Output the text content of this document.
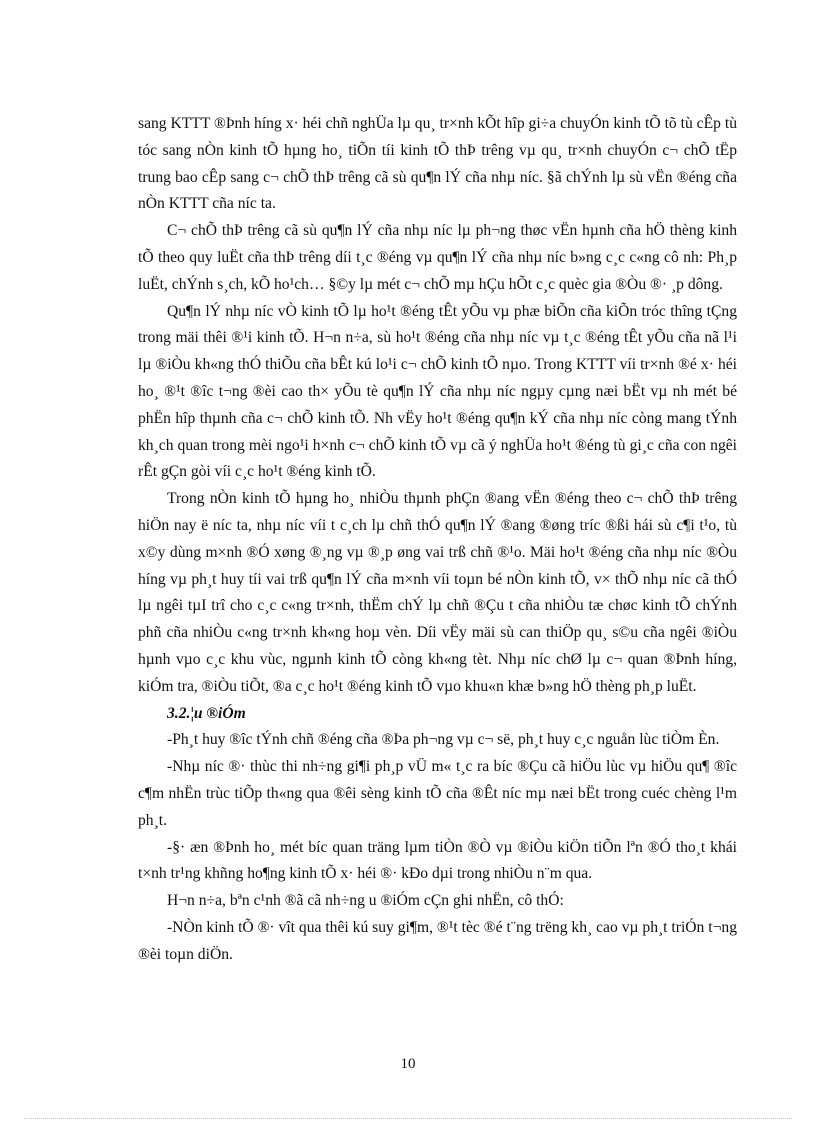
sang KTTT ®Þnh híng x· héi chñ nghÜa lµ qu¸ tr×nh kÕt hîp gi÷a chuyÓn kinh tÕ tõ tù cÊp tù tóc sang nÒn kinh tÕ hµng ho¸ tiÕn tíi kinh tÕ thÞ trêng vµ qu¸ tr×nh chuyÓn c¬ chÕ tËp trung bao cÊp sang c¬ chÕ thÞ trêng cã sù qu¶n lÝ cña nhµ níc. §ã chÝnh lµ sù vËn ®éng cña nÒn KTTT cña níc ta.

C¬ chÕ thÞ trêng cã sù qu¶n lÝ cña nhµ níc lµ ph¬ng thøc vËn hµnh cña hÖ thèng kinh tÕ theo quy luËt cña thÞ trêng díi t¸c ®éng vµ qu¶n lÝ cña nhµ níc b»ng c¸c c«ng cô nh: Ph¸p luËt, chÝnh s¸ch, kÕ ho¹ch… §©y lµ mét c¬ chÕ mµ hÇu hÕt c¸c quèc gia ®Òu ®· ¸p dông.

Qu¶n lÝ nhµ níc vÒ kinh tÕ lµ ho¹t ®éng tÊt yÕu vµ phæ biÕn cña kiÕn tróc thîng tÇng trong mäi thêi ®¹i kinh tÕ. H¬n n÷a, sù ho¹t ®éng cña nhµ níc vµ t¸c ®éng tÊt yÕu cña nã l¹i lµ ®iÒu kh«ng thÓ thiÕu cña bÊt kú lo¹i c¬ chÕ kinh tÕ nµo. Trong KTTT víi tr×nh ®é x· héi ho¸ ®¹t ®îc t¬ng ®èi cao th× yÕu tè qu¶n lÝ cña nhµ níc ngµy cµng næi bËt vµ nh mét bé phËn hîp thµnh cña c¬ chÕ kinh tÕ. Nh vËy ho¹t ®éng qu¶n kÝ cña nhµ níc còng mang tÝnh kh¸ch quan trong mèi ngo¹i h×nh c¬ chÕ kinh tÕ vµ cã ý nghÜa ho¹t ®éng tù gi¸c cña con ngêi rÊt gÇn gòi víi c¸c ho¹t ®éng kinh tÕ.

Trong nÒn kinh tÕ hµng ho¸ nhiÒu thµnh phÇn ®ang vËn ®éng theo c¬ chÕ thÞ trêng hiÖn nay ë níc ta, nhµ níc víi t c¸ch lµ chñ thÓ qu¶n lÝ ®ang ®øng tríc ®ßi hái sù c¶i t¹o, tù x©y dùng m×nh ®Ó xøng ®¸ng vµ ®¸p øng vai trß chñ ®¹o. Mäi ho¹t ®éng cña nhµ níc ®Òu híng vµ ph¸t huy tíi vai trß qu¶n lÝ cña m×nh víi toµn bé nÒn kinh tÕ, v× thÕ nhµ níc cã thÓ lµ ngêi tµI trî cho c¸c c«ng tr×nh, thËm chÝ lµ chñ ®Çu t cña nhiÒu tæ chøc kinh tÕ chÝnh phñ cña nhiÒu c«ng tr×nh kh«ng hoµ vèn. Díi vËy mäi sù can thiÖp qu¸ s©u cña ngêi ®iÒu hµnh vµo c¸c khu vùc, ngµnh kinh tÕ còng kh«ng tèt. Nhµ níc chØ lµ c¬ quan ®Þnh híng, kiÓm tra, ®iÒu tiÕt, ®a c¸c ho¹t ®éng kinh tÕ vµo khu«n khæ b»ng hÖ thèng ph¸p luËt.

3.2.¦u ®iÓm

-Ph¸t huy ®îc tÝnh chñ ®éng cña ®Þa ph¬ng vµ c¬ së, ph¸t huy c¸c nguån lùc tiÒm Èn.

-Nhµ níc ®· thùc thi nh÷ng gi¶i ph¸p vÜ m« t¸c ra bíc ®Çu cã hiÖu lùc vµ hiÖu qu¶ ®îc c¶m nhËn trùc tiÕp th«ng qua ®êi sèng kinh tÕ cña ®Êt níc mµ næi bËt trong cuéc chèng l¹m ph¸t.

-§· æn ®Þnh ho¸ mét bíc quan träng lµm tiÒn ®Ò vµ ®iÒu kiÖn tiÕn lªn ®Ó tho¸t khái t×nh tr¹ng khñng ho¶ng kinh tÕ x· héi ®· kÐo dµi trong nhiÒu n¨m qua.

H¬n n÷a, bªn c¹nh ®ã cã nh÷ng u ®iÓm cÇn ghi nhËn, cô thÓ:

-NÒn kinh tÕ ®· vît qua thêi kú suy gi¶m, ®¹t tèc ®é t¨ng trëng kh¸ cao vµ ph¸t triÓn t¬ng ®èi toµn diÖn.

10
